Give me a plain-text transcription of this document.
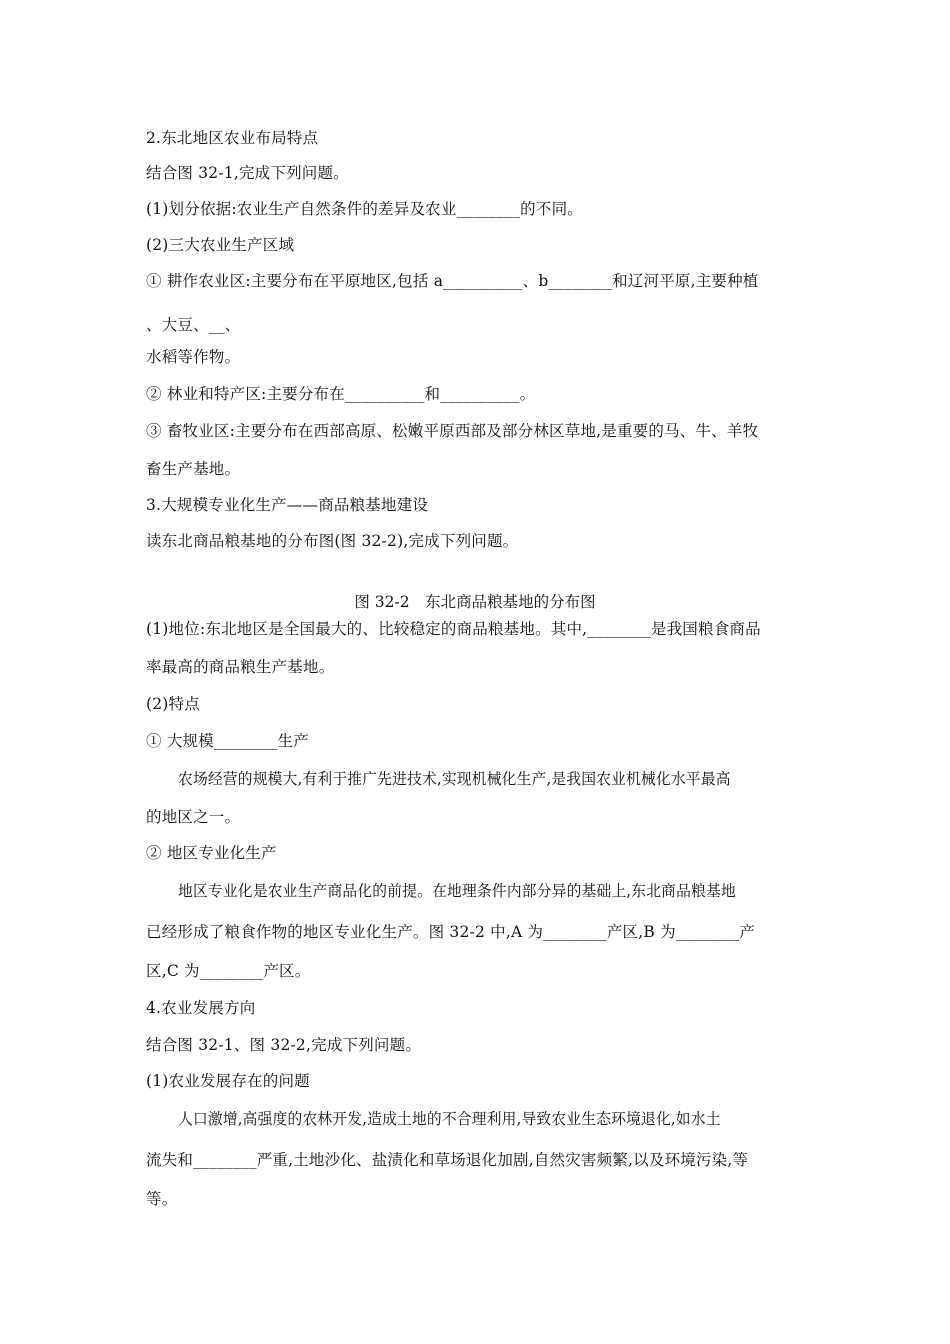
2.东北地区农业布局特点
结合图 32-1,完成下列问题。
(1)划分依据:农业生产自然条件的差异及农业________的不同。
(2)三大农业生产区域
① 耕作农业区:主要分布在平原地区,包括 a__________、b________和辽河平原,主要种植
、大豆、__、
水稻等作物。
② 林业和特产区:主要分布在__________和__________。
③ 畜牧业区:主要分布在西部高原、松嫩平原西部及部分林区草地,是重要的马、牛、羊牧
畜生产基地。
3.大规模专业化生产——商品粮基地建设
读东北商品粮基地的分布图(图 32-2),完成下列问题。
图 32-2　东北商品粮基地的分布图
(1)地位:东北地区是全国最大的、比较稳定的商品粮基地。其中,________是我国粮食商品
率最高的商品粮生产基地。
(2)特点
① 大规模________生产
农场经营的规模大,有利于推广先进技术,实现机械化生产,是我国农业机械化水平最高
的地区之一。
② 地区专业化生产
地区专业化是农业生产商品化的前提。在地理条件内部分异的基础上,东北商品粮基地
已经形成了粮食作物的地区专业化生产。图 32-2 中,A 为________产区,B 为________产
区,C 为________产区。
4.农业发展方向
结合图 32-1、图 32-2,完成下列问题。
(1)农业发展存在的问题
人口激增,高强度的农林开发,造成土地的不合理利用,导致农业生态环境退化,如水土
流失和________严重,土地沙化、盐渍化和草场退化加剧,自然灾害频繁,以及环境污染,等
等。
